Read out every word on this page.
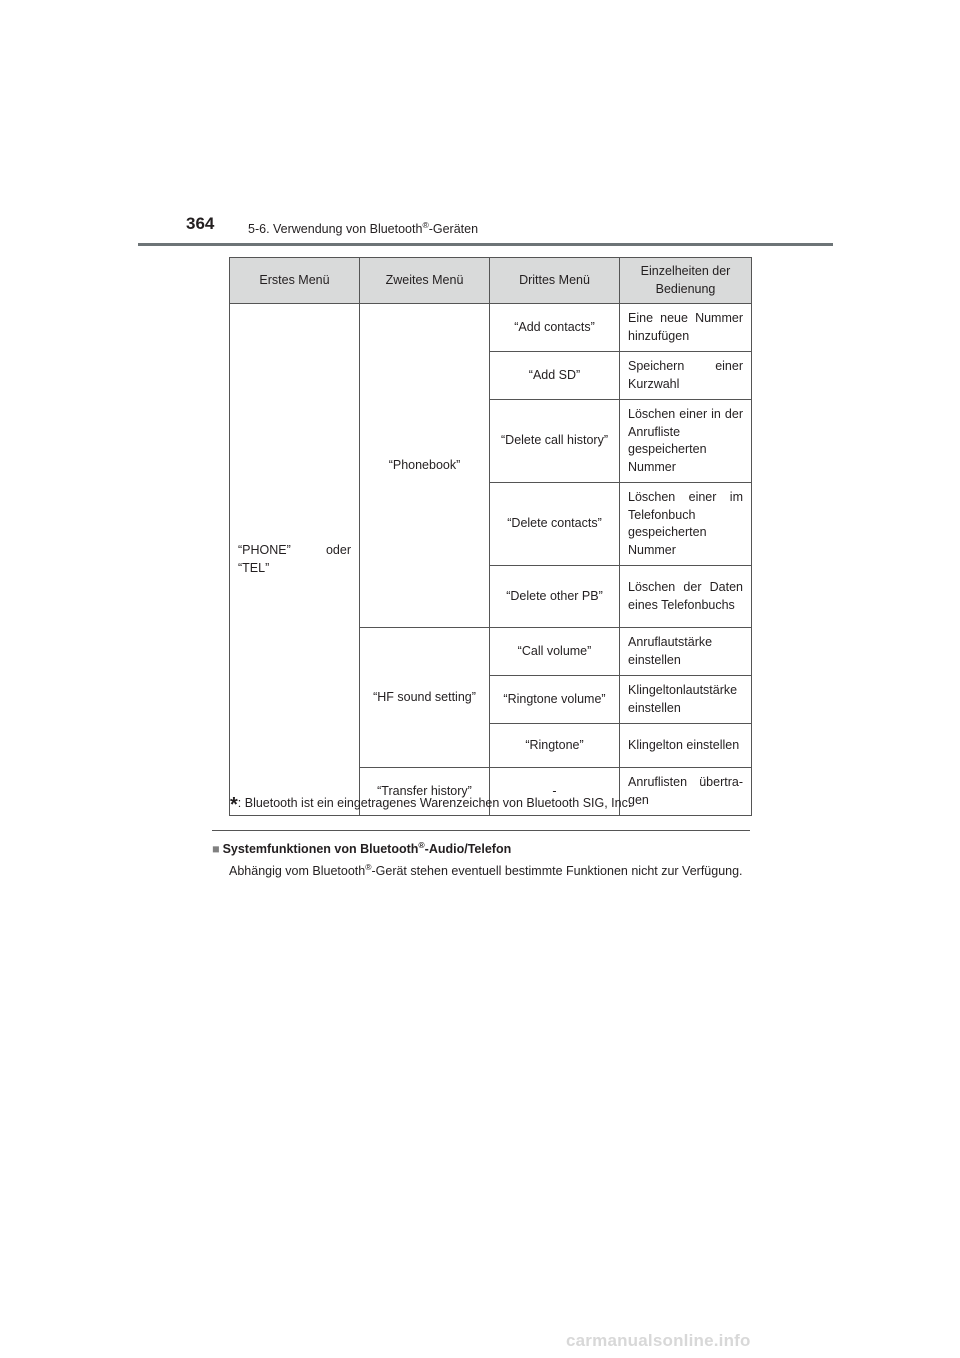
364	5-6. Verwendung von Bluetooth®-Geräten
Erstes Menü	Zweites Menü	Drittes Menü	Einzelheiten der Bedienung
“PHONE” oder “TEL”	“Phonebook”	“Add contacts”	Eine neue Nummer hinzufügen
		“Add SD”	Speichern einer Kurzwahl
		“Delete call history”	Löschen einer in der Anrufliste gespeicherten Nummer
		“Delete contacts”	Löschen einer im Telefonbuch gespeicherten Nummer
		“Delete other PB”	Löschen der Daten eines Telefonbuchs
	“HF sound setting”	“Call volume”	Anruflautstärke einstellen
		“Ringtone volume”	Klingeltonlautstärke einstellen
		“Ringtone”	Klingelton einstellen
	“Transfer history”	-	Anruflisten übertragen
*: Bluetooth ist ein eingetragenes Warenzeichen von Bluetooth SIG, Inc.
■ Systemfunktionen von Bluetooth®-Audio/Telefon
Abhängig vom Bluetooth®-Gerät stehen eventuell bestimmte Funktionen nicht zur Verfügung.
carmanualsonline.info
